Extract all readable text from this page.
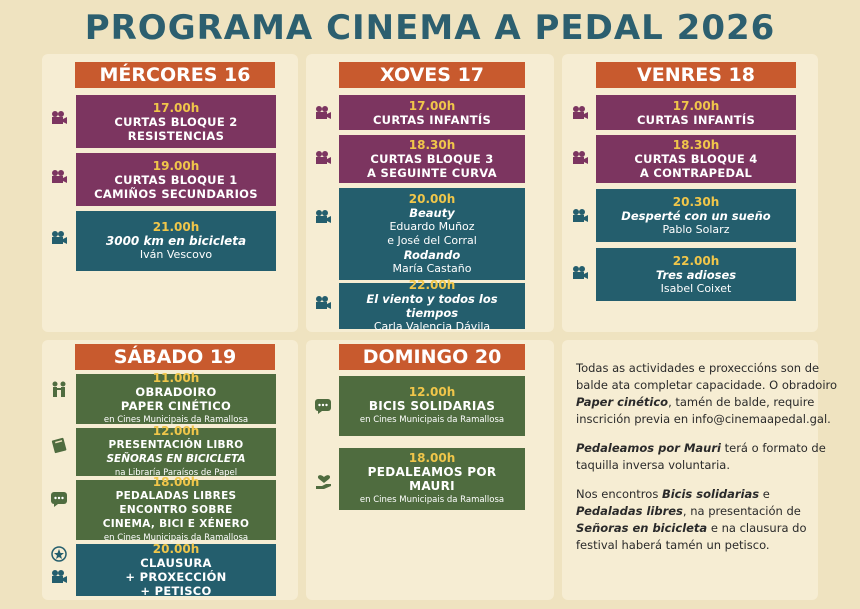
PROGRAMA CINEMA A PEDAL 2026
MÉRCORES 16
17.00h
CURTAS BLOQUE 2
RESISTENCIAS
19.00h
CURTAS BLOQUE 1
CAMIÑOS SECUNDARIOS
21.00h
3000 km en bicicleta
Iván Vescovo
XOVES 17
17.00h
CURTAS INFANTÍS
18.30h
CURTAS BLOQUE 3
A SEGUINTE CURVA
20.00h
Beauty
Eduardo Muñoz
e José del Corral
Rodando
María Castaño
22.00h
El viento y todos los tiempos
Carla Valencia Dávila
VENRES 18
17.00h
CURTAS INFANTÍS
18.30h
CURTAS BLOQUE 4
A CONTRAPEDAL
20.30h
Desperté con un sueño
Pablo Solarz
22.00h
Tres adioses
Isabel Coixet
SÁBADO 19
11.00h
OBRADOIRO
PAPER CINÉTICO
en Cines Municipais da Ramallosa
12.00h
PRESENTACIÓN LIBRO
SEÑORAS EN BICICLETA
na Libraría Paraísos de Papel
18.00h
PEDALADAS LIBRES
ENCONTRO SOBRE
CINEMA, BICI E XÉNERO
en Cines Municipais da Ramallosa
20.00h
CLAUSURA
+ PROXECCIÓN
+ PETISCO
DOMINGO 20
12.00h
BICIS SOLIDARIAS
en Cines Municipais da Ramallosa
18.00h
PEDALEAMOS POR MAURI
en Cines Municipais da Ramallosa

Todas as actividades e proxeccións son de balde ata completar capacidade. O obradoiro Paper cinético, tamén de balde, require inscrición previa en info@cinemaapedal.gal.

Pedaleamos por Mauri terá o formato de taquilla inversa voluntaria.

Nos encontros Bicis solidarias e Pedaladas libres, na presentación de Señoras en bicicleta e na clausura do festival haberá tamén un petisco.
